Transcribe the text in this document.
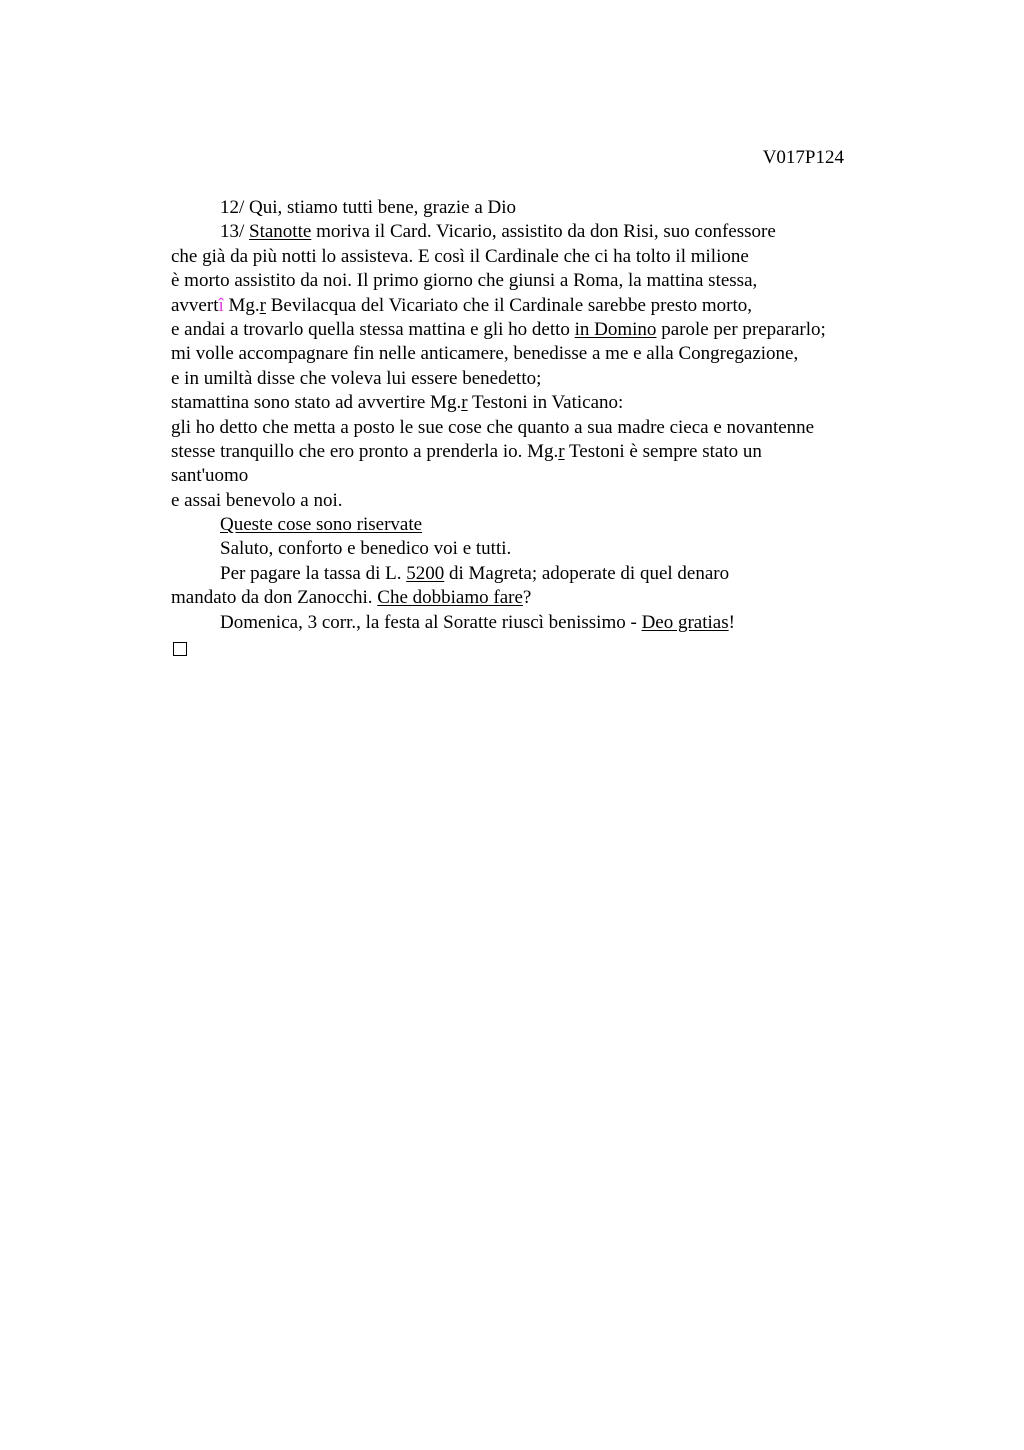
V017P124
12/ Qui, stiamo tutti bene, grazie a Dio
13/ Stanotte moriva il Card. Vicario, assistito da don Risi, suo confessore
che già da più notti lo assisteva. E così il Cardinale che ci ha tolto il milione
è morto assistito da noi. Il primo giorno che giunsi a Roma, la mattina stessa,
avvertî Mg.r Bevilacqua del Vicariato che il Cardinale sarebbe presto morto,
e andai a trovarlo quella stessa mattina e gli ho detto in Domino parole per prepararlo;
mi volle accompagnare fin nelle anticamere, benedisse a me e alla Congregazione,
e in umiltà disse che voleva lui essere benedetto;
stamattina sono stato ad avvertire Mg.r Testoni in Vaticano:
gli ho detto che metta a posto le sue cose che quanto a sua madre cieca e novantenne
stesse tranquillo che ero pronto a prenderla io. Mg.r Testoni è sempre stato un
sant'uomo
e assai benevolo a noi.
Queste cose sono riservate
Saluto, conforto e benedico voi e tutti.
Per pagare la tassa di L. 5200 di Magreta; adoperate di quel denaro
mandato da don Zanocchi. Che dobbiamo fare?
Domenica, 3 corr., la festa al Soratte riuscì benissimo - Deo gratias!
